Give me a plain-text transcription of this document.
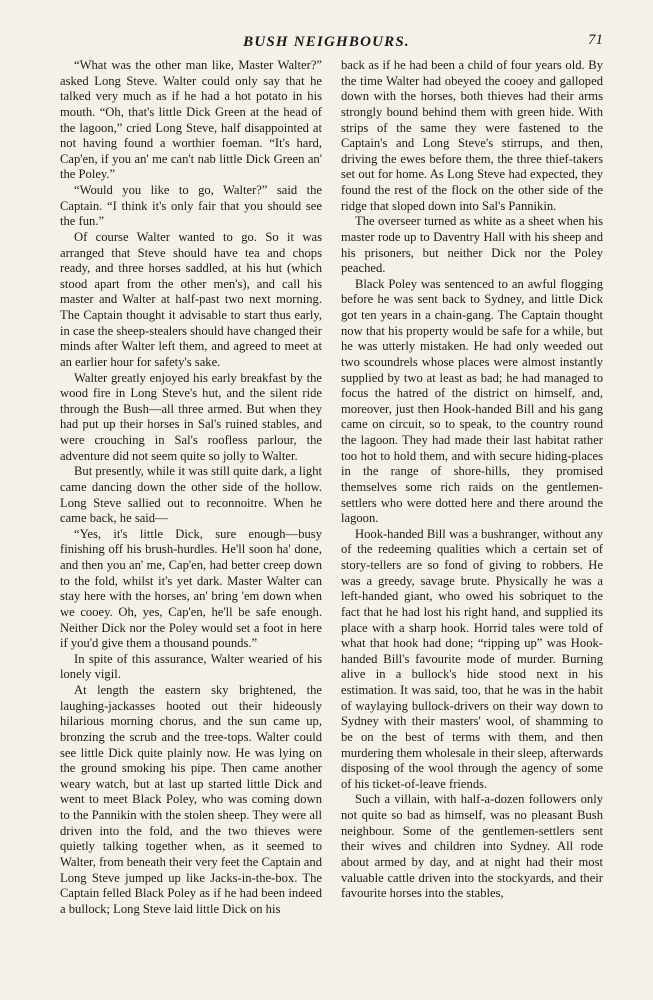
BUSH NEIGHBOURS.	71

“What was the other man like, Master Walter?” asked Long Steve. Walter could only say that he talked very much as if he had a hot potato in his mouth. “Oh, that's little Dick Green at the head of the lagoon,” cried Long Steve, half disappointed at not having found a worthier foeman. “It's hard, Cap'en, if you an' me can't nab little Dick Green an' the Poley.”

“Would you like to go, Walter?” said the Captain. “I think it's only fair that you should see the fun.”

Of course Walter wanted to go. So it was arranged that Steve should have tea and chops ready, and three horses saddled, at his hut (which stood apart from the other men's), and call his master and Walter at half-past two next morning. The Captain thought it advisable to start thus early, in case the sheep-stealers should have changed their minds after Walter left them, and agreed to meet at an earlier hour for safety's sake.

Walter greatly enjoyed his early breakfast by the wood fire in Long Steve's hut, and the silent ride through the Bush—all three armed. But when they had put up their horses in Sal's ruined stables, and were crouching in Sal's roofless parlour, the adventure did not seem quite so jolly to Walter.

But presently, while it was still quite dark, a light came dancing down the other side of the hollow. Long Steve sallied out to reconnoitre. When he came back, he said—

“Yes, it's little Dick, sure enough—busy finishing off his brush-hurdles. He'll soon ha' done, and then you an' me, Cap'en, had better creep down to the fold, whilst it's yet dark. Master Walter can stay here with the horses, an' bring 'em down when we cooey. Oh, yes, Cap'en, he'll be safe enough. Neither Dick nor the Poley would set a foot in here if you'd give them a thousand pounds.”

In spite of this assurance, Walter wearied of his lonely vigil.

At length the eastern sky brightened, the laughing-jackasses hooted out their hideously hilarious morning chorus, and the sun came up, bronzing the scrub and the tree-tops. Walter could see little Dick quite plainly now. He was lying on the ground smoking his pipe. Then came another weary watch, but at last up started little Dick and went to meet Black Poley, who was coming down to the Pannikin with the stolen sheep. They were all driven into the fold, and the two thieves were quietly talking together when, as it seemed to Walter, from beneath their very feet the Captain and Long Steve jumped up like Jacks-in-the-box. The Captain felled Black Poley as if he had been indeed a bullock; Long Steve laid little Dick on his

back as if he had been a child of four years old. By the time Walter had obeyed the cooey and galloped down with the horses, both thieves had their arms strongly bound behind them with green hide. With strips of the same they were fastened to the Captain's and Long Steve's stirrups, and then, driving the ewes before them, the three thief-takers set out for home. As Long Steve had expected, they found the rest of the flock on the other side of the ridge that sloped down into Sal's Pannikin.

The overseer turned as white as a sheet when his master rode up to Daventry Hall with his sheep and his prisoners, but neither Dick nor the Poley peached.

Black Poley was sentenced to an awful flogging before he was sent back to Sydney, and little Dick got ten years in a chain-gang. The Captain thought now that his property would be safe for a while, but he was utterly mistaken. He had only weeded out two scoundrels whose places were almost instantly supplied by two at least as bad; he had managed to focus the hatred of the district on himself, and, moreover, just then Hook-handed Bill and his gang came on circuit, so to speak, to the country round the lagoon. They had made their last habitat rather too hot to hold them, and with secure hiding-places in the range of shore-hills, they promised themselves some rich raids on the gentlemen-settlers who were dotted here and there around the lagoon.

Hook-handed Bill was a bushranger, without any of the redeeming qualities which a certain set of story-tellers are so fond of giving to robbers. He was a greedy, savage brute. Physically he was a left-handed giant, who owed his sobriquet to the fact that he had lost his right hand, and supplied its place with a sharp hook. Horrid tales were told of what that hook had done; “ripping up” was Hook-handed Bill's favourite mode of murder. Burning alive in a bullock's hide stood next in his estimation. It was said, too, that he was in the habit of waylaying bullock-drivers on their way down to Sydney with their masters' wool, of shamming to be on the best of terms with them, and then murdering them wholesale in their sleep, afterwards disposing of the wool through the agency of some of his ticket-of-leave friends.

Such a villain, with half-a-dozen followers only not quite so bad as himself, was no pleasant Bush neighbour. Some of the gentlemen-settlers sent their wives and children into Sydney. All rode about armed by day, and at night had their most valuable cattle driven into the stockyards, and their favourite horses into the stables,
